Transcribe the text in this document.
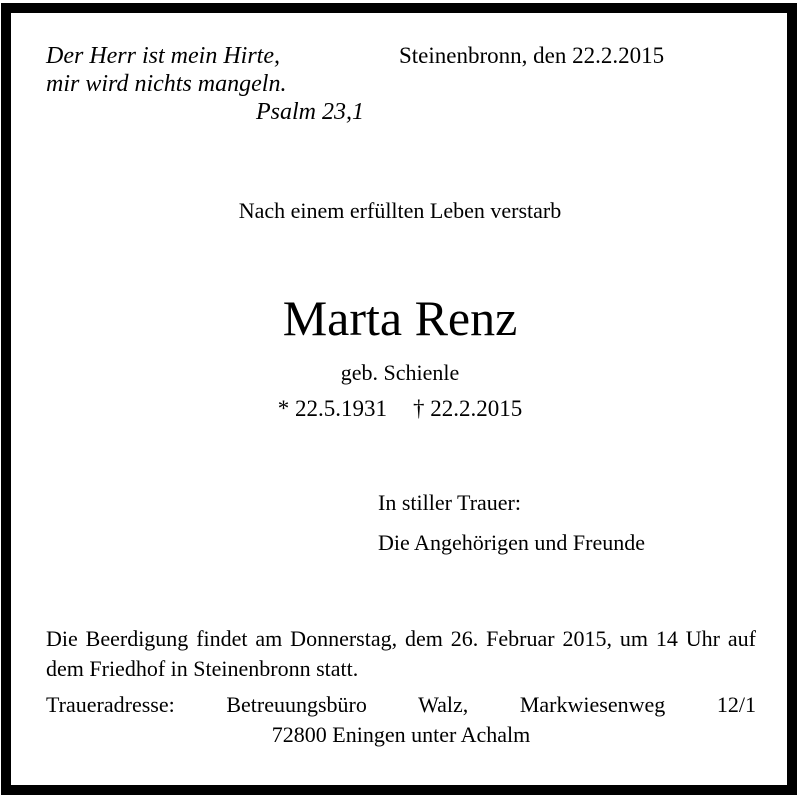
Der Herr ist mein Hirte,
mir wird nichts mangeln.
Psalm 23,1
Steinenbronn, den 22.2.2015
Nach einem erfüllten Leben verstarb
Marta Renz
geb. Schienle
* 22.5.1931 † 22.2.2015
In stiller Trauer:
Die Angehörigen und Freunde
Die Beerdigung findet am Donnerstag, dem 26. Februar 2015, um 14 Uhr auf dem Friedhof in Steinenbronn statt.
Traueradresse: Betreuungsbüro Walz, Markwiesenweg 12/1
72800 Eningen unter Achalm
